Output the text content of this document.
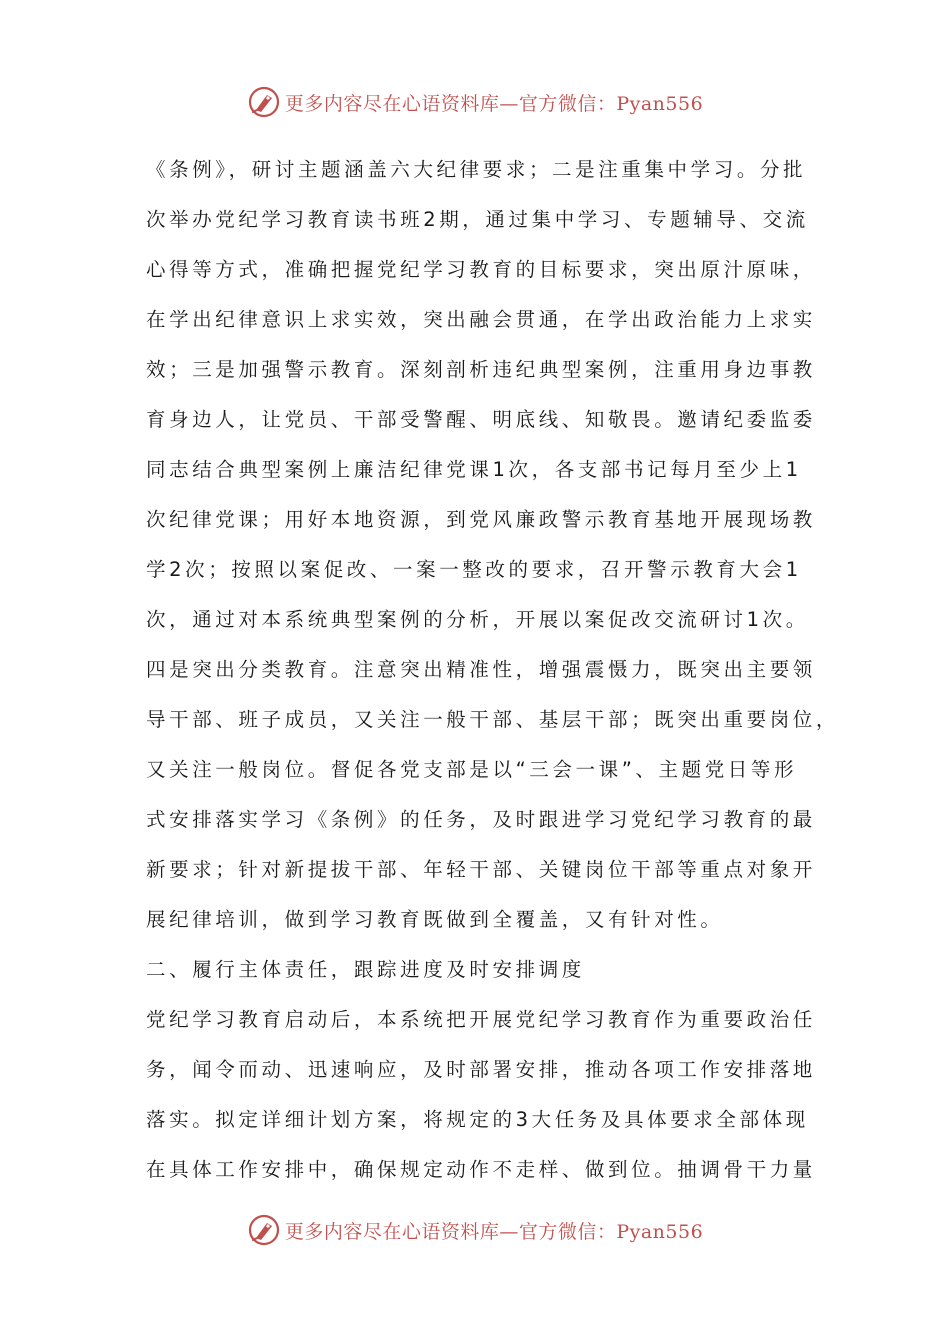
更多内容尽在心语资料库—官方微信：Pyan556
《条例》，研讨主题涵盖六大纪律要求；二是注重集中学习。分批
次举办党纪学习教育读书班2期，通过集中学习、专题辅导、交流
心得等方式，准确把握党纪学习教育的目标要求，突出原汁原味，
在学出纪律意识上求实效，突出融会贯通，在学出政治能力上求实
效；三是加强警示教育。深刻剖析违纪典型案例，注重用身边事教
育身边人，让党员、干部受警醒、明底线、知敬畏。邀请纪委监委
同志结合典型案例上廉洁纪律党课1次，各支部书记每月至少上1
次纪律党课；用好本地资源，到党风廉政警示教育基地开展现场教
学2次；按照以案促改、一案一整改的要求，召开警示教育大会1
次，通过对本系统典型案例的分析，开展以案促改交流研讨1次。
四是突出分类教育。注意突出精准性，增强震慑力，既突出主要领
导干部、班子成员，又关注一般干部、基层干部；既突出重要岗位，
又关注一般岗位。督促各党支部是以“三会一课”、主题党日等形
式安排落实学习《条例》的任务，及时跟进学习党纪学习教育的最
新要求；针对新提拔干部、年轻干部、关键岗位干部等重点对象开
展纪律培训，做到学习教育既做到全覆盖，又有针对性。
二、履行主体责任，跟踪进度及时安排调度
党纪学习教育启动后，本系统把开展党纪学习教育作为重要政治任
务，闻令而动、迅速响应，及时部署安排，推动各项工作安排落地
落实。拟定详细计划方案，将规定的3大任务及具体要求全部体现
在具体工作安排中，确保规定动作不走样、做到位。抽调骨干力量
更多内容尽在心语资料库—官方微信：Pyan556
